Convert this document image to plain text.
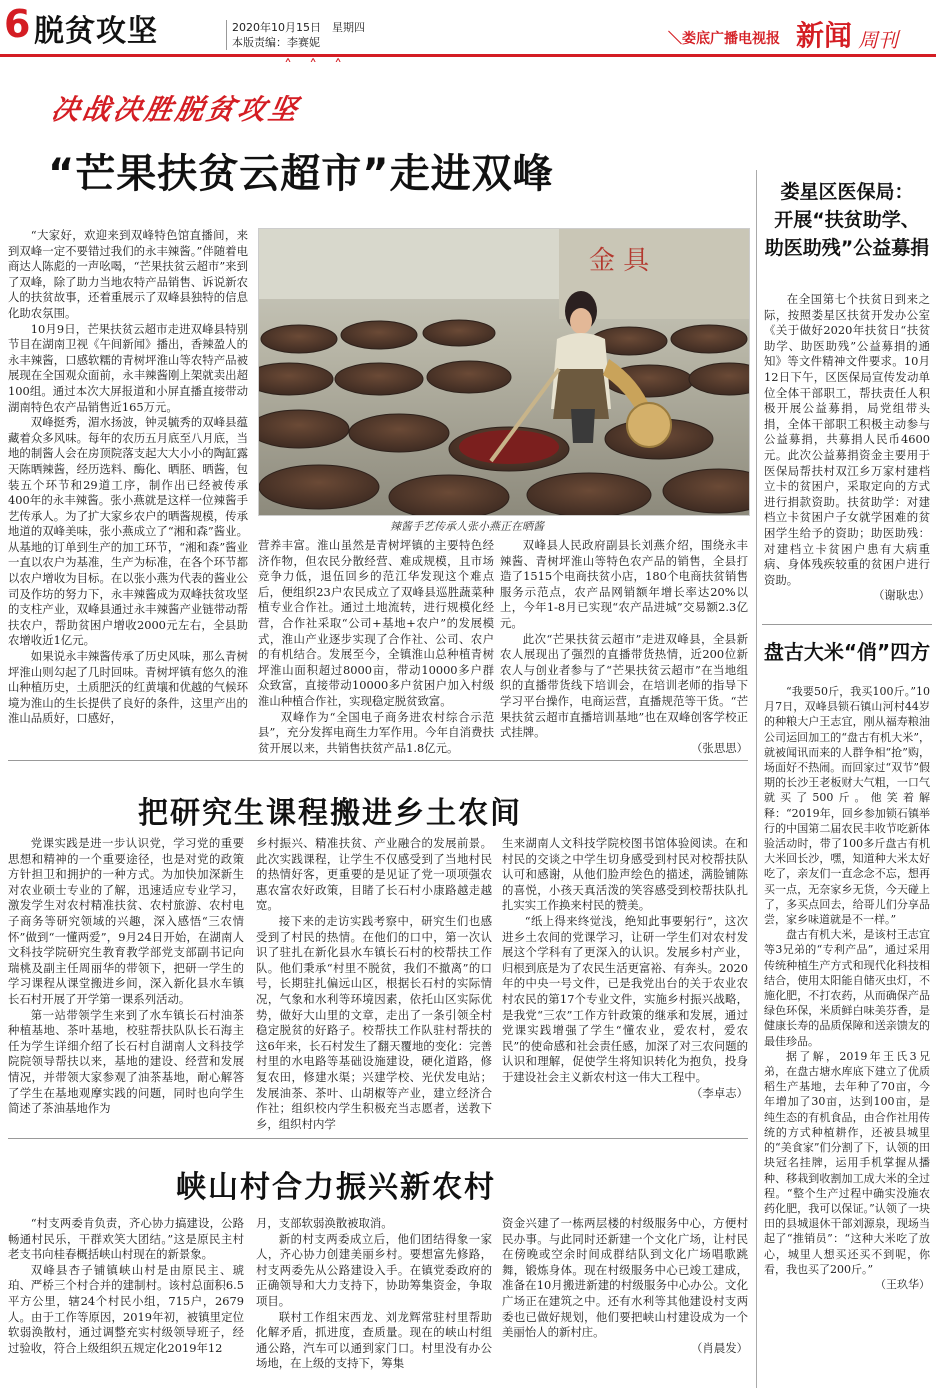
6 脱贫攻坚	2020年10月15日　星期四
本版责编：李赛妮	＼娄底广播电视报 新闻 周刊
˄ ˄ ˄
决战决胜脱贫攻坚
“芒果扶贫云超市”走进双峰
金 具
辣酱手艺传承人张小燕正在晒酱

“大家好，欢迎来到双峰特色馆直播间，来到双峰一定不要错过我们的永丰辣酱。”伴随着电商达人陈彪的一声吆喝，“芒果扶贫云超市”来到了双峰，除了助力当地农特产品销售、诉说新农人的扶贫故事，还着重展示了双峰县独特的信息化助农氛围。

10月9日，芒果扶贫云超市走进双峰县特别节目在湖南卫视《午间新闻》播出，香辣盈人的永丰辣酱，口感软糯的青树坪淮山等农特产品被展现在全国观众面前，永丰辣酱刚上架就卖出超100组。通过本次大屏报道和小屏直播直接带动湖南特色农产品销售近165万元。

双峰挺秀，湄水扬波，钟灵毓秀的双峰县蕴藏着众多风味。每年的农历五月底至八月底，当地的制酱人会在房顶院落支起大大小小的陶缸露天陈晒辣酱，经历选料、酶化、晒胚、晒酱，包装五个环节和29道工序，制作出已经被传承400年的永丰辣酱。张小燕就是这样一位辣酱手艺传承人。为了扩大家乡农户的晒酱规模，传承地道的双峰美味，张小燕成立了“湘和森”酱业。从基地的订单到生产的加工环节，“湘和森”酱业一直以农户为基准，生产为标准，在各个环节都以农户增收为目标。在以张小燕为代表的酱业公司及作坊的努力下，永丰辣酱成为双峰扶贫攻坚的支柱产业，双峰县通过永丰辣酱产业链带动帮扶农户，帮助贫困户增收2000元左右，全县助农增收近1亿元。

如果说永丰辣酱传承了历史风味，那么青树坪淮山则勾起了几时回味。青树坪镇有悠久的淮山种植历史，土质肥沃的红黄壤和优越的气候环境为淮山的生长提供了良好的条件，这里产出的淮山品质好，口感好，

营养丰富。淮山虽然是青树坪镇的主要特色经济作物，但农民分散经营、难成规模，且市场竞争力低，退伍回乡的范江华发现这个难点后，便组织23户农民成立了双峰县巡胜蔬菜种植专业合作社。通过土地流转，进行规模化经营，合作社采取“公司+基地+农户”的发展模式，淮山产业逐步实现了合作社、公司、农户的有机结合。发展至今，全镇淮山总种植青树坪淮山面积超过8000亩，带动10000多户群众致富，直接带动10000多户贫困户加入村级淮山种植合作社，实现稳定脱贫致富。

双峰作为“全国电子商务进农村综合示范县”，充分发挥电商生力军作用。今年自消费扶贫开展以来，共销售扶贫产品1.8亿元。

双峰县人民政府副县长刘燕介绍，围绕永丰辣酱、青树坪淮山等特色农产品的销售，全县打造了1515个电商扶贫小店，180个电商扶贫销售服务示范点，农产品网销额年增长率达20%以上，今年1-8月已实现“农产品进城”交易额2.3亿元。

此次“芒果扶贫云超市”走进双峰县，全县新农人展现出了强烈的直播带货热情，近200位新农人与创业者参与了“芒果扶贫云超市”在当地组织的直播带货线下培训会，在培训老师的指导下学习平台操作，电商运营，直播规范等干货。“芒果扶贫云超市直播培训基地”也在双峰创客学校正式挂牌。

（张思思）
把研究生课程搬进乡土农间

党课实践是进一步认识党，学习党的重要思想和精神的一个重要途径，也是对党的政策方针担卫和拥护的一种方式。为加快加深新生对农业硕士专业的了解，迅速适应专业学习，激发学生对农村精准扶贫、农村旅游、农村电子商务等研究领域的兴趣，深入感悟“三农情怀”做到“一懂两爱”，9月24日开始，在湖南人文科技学院研究生教育教学部党支部副书记向瑞桃及副主任周丽华的带领下，把研一学生的学习课程从课堂搬进乡间，深入新化县水车镇长石村开展了开学第一课系列活动。

第一站带领学生来到了水车镇长石村油茶种植基地、茶叶基地，校驻帮扶队队长石海主任为学生详细介绍了长石村自湖南人文科技学院院领导帮扶以来，基地的建设、经营和发展情况，并带领大家参观了油茶基地，耐心解答了学生在基地观摩实践的问题，同时也向学生简述了茶油基地作为

乡村振兴、精准扶贫、产业融合的发展前景。此次实践课程，让学生不仅感受到了当地村民的热情好客，更重要的是见证了党一项项强农惠农富农好政策，目睹了长石村小康路越走越宽。

接下来的走访实践考察中，研究生们也感受到了村民的热情。在他们的口中，第一次认识了驻扎在新化县水车镇长石村的校帮扶工作队。他们秉承“村里不脱贫，我们不撤离”的口号，长期驻扎偏远山区，根据长石村的实际情况，气象和水利等环境因素，依托山区实际优势，做好大山里的文章，走出了一条引领全村稳定脱贫的好路子。校帮扶工作队驻村帮扶的这6年来，长石村发生了翻天覆地的变化：完善村里的水电路等基础设施建设，硬化道路，修复农田，修建水渠；兴建学校、光伏发电站；发展油茶、茶叶、山胡椒等产业，建立经济合作社；组织校内学生积极充当志愿者，送教下乡，组织村内学

生来湖南人文科技学院校图书馆体验阅读。在和村民的交谈之中学生切身感受到村民对校帮扶队认可和感谢，从他们脸声绘色的描述，满脸铺陈的喜悦，小孩天真活泼的笑容感受到校帮扶队扎扎实实工作换来村民的赞美。

“纸上得来终觉浅，绝知此事要躬行”，这次进乡土农间的党课学习，让研一学生们对农村发展这个学科有了更深入的认识。发展乡村产业，归根到底是为了农民生活更富裕、有奔头。2020年的中央一号文件，已是我党出台的关于农业农村农民的第17个专业文件，实施乡村振兴战略，是我党“三农”工作方针政策的继承和发展，通过党课实践增强了学生“懂农业，爱农村，爱农民”的使命感和社会责任感，加深了对三农问题的认识和理解，促使学生将知识转化为抱负，投身于建设社会主义新农村这一伟大工程中。

（李卓志）
峡山村合力振兴新农村

“村支两委肯负责，齐心协力搞建设，公路畅通村民乐，干群欢笑大团结。”这是原民主村老支书向桂春概括峡山村现在的新景象。

双峰县杏子铺镇峡山村是由原民主、琥珀、严桥三个村合并的建制村。该村总面积6.5平方公里，辖24个村民小组，715户，2679人。由于工作等原因，2019年初，被镇里定位软弱涣散村，通过调整充实村级领导班子，经过验收，符合上级组织五规定化2019年12

月，支部软弱涣散被取消。

新的村支两委成立后，他们团结得象一家人，齐心协力创建美丽乡村。要想富先修路，村支两委先从公路建设入手。在镇党委政府的正确领导和大力支持下，协助筹集资金，争取项目。

联村工作组宋西龙、刘龙辉常驻村里帮助化解矛盾，抓进度，查质量。现在的峡山村组通公路，汽车可以通到家门口。村里没有办公场地，在上级的支持下，筹集

资金兴建了一栋两层楼的村级服务中心，方便村民办事。与此同时还新建一个文化广场，让村民在傍晚或空余时间成群结队到文化广场唱歌跳舞，锻炼身体。现在村级服务中心已竣工建成，准备在10月搬进新建的村级服务中心办公。文化广场正在建筑之中。还有水利等其他建设村支两委也已做好规划，他们要把峡山村建设成为一个美丽怡人的新村庄。

（肖晨发）
娄星区医保局：
开展“扶贫助学、
助医助残”公益募捐

在全国第七个扶贫日到来之际，按照娄星区扶贫开发办公室《关于做好2020年扶贫日“扶贫助学、助医助残”公益募捐的通知》等文件精神文件要求。10月12日下午，区医保局宣传发动单位全体干部职工，帮扶责任人积极开展公益募捐，局党组带头捐，全体干部职工积极主动参与公益募捐，共募捐人民币4600元。此次公益募捐资金主要用于医保局帮扶村双江乡万家村建档立卡的贫困户，采取定向的方式进行捐款资助。扶贫助学：对建档立卡贫困户子女就学困难的贫困学生给予的资助；助医助残：对建档立卡贫困户患有大病重病、身体残疾较重的贫困户进行资助。

（谢耿忠）
盘古大米“俏”四方

“我要50斤，我买100斤。”10月7日，双峰县锁石镇山河村44岁的种粮大户王志宜，刚从福寿粮油公司运回加工的“盘古有机大米”，就被闻讯而来的人群争相“抢”购，场面好不热闹。而回家过“双节”假期的长沙王老板财大气粗，一口气就买了500斤。他笑着解释：“2019年，回乡参加锁石镇举行的中国第二届农民丰收节吃新体验活动时，带了100多斤盘古有机大米回长沙，嘿，知道种大米太好吃了，亲友们一直念念不忘，想再买一点，无奈家乡无货，今天碰上了，多买点回去，给哥儿们分享品尝，家乡味道就是不一样。”

盘古有机大米，是该村王志宜等3兄弟的“专利产品”，通过采用传统种植生产方式和现代化科技相结合，使用太阳能自储灭虫灯，不施化肥，不打农药，从而确保产品绿色环保，米质鲜白味美芬香，是健康长寿的品质保障和送亲馈友的最佳珍品。

据了解，2019年王氏3兄弟，在盘古塘水库底下建立了优质稻生产基地，去年种了70亩，今年增加了30亩，达到100亩，是纯生态的有机食品，由合作社用传统的方式种植耕作，还被县城里的“美食家”们分割了下，认领的田块冠名挂牌，运用手机掌握从播种、移栽到收割加工成大米的全过程。“整个生产过程中确实没施农药化肥，我可以保证。”认领了一块田的县城退休干部刘源泉，现场当起了“推销员”：“这种大米吃了放心，城里人想买还买不到呢，你看，我也买了200斤。”

（王玖华）
